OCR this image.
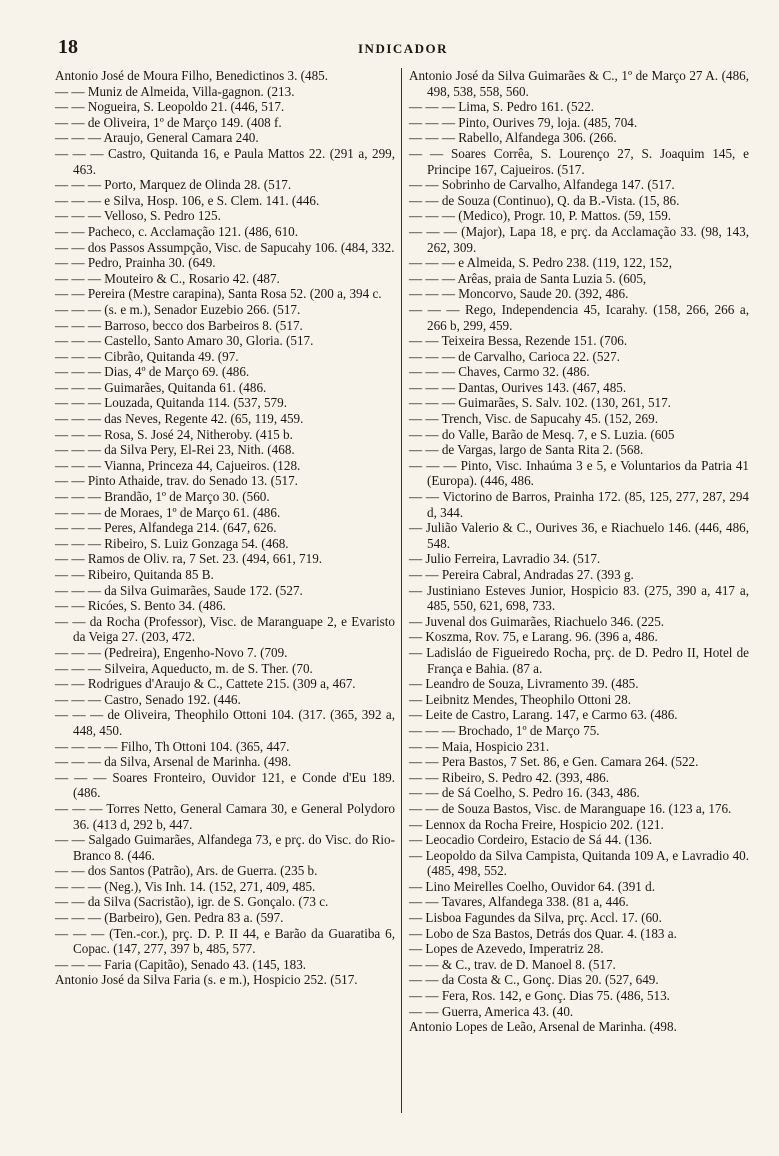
18	INDICADOR

Antonio José de Moura Filho, Benedictinos 3. (485.

— — Muniz de Almeida, Villa-gagnon. (213.

— — Nogueira, S. Leopoldo 21. (446, 517.

— — de Oliveira, 1º de Março 149. (408 f.

— — — Araujo, General Camara 240.

— — — Castro, Quitanda 16, e Paula Mattos 22. (291 a, 299, 463.

— — — Porto, Marquez de Olinda 28. (517.

— — — e Silva, Hosp. 106, e S. Clem. 141. (446.

— — — Velloso, S. Pedro 125.

— — Pacheco, c. Acclamação 121. (486, 610.

— — dos Passos Assumpção, Visc. de Sapucahy 106. (484, 332.

— — Pedro, Prainha 30. (649.

— — — Mouteiro & C., Rosario 42. (487.

— — Pereira (Mestre carapina), Santa Rosa 52. (200 a, 394 c.

— — — (s. e m.), Senador Euzebio 266. (517.

— — — Barroso, becco dos Barbeiros 8. (517.

— — — Castello, Santo Amaro 30, Gloria. (517.

— — — Cibrão, Quitanda 49. (97.

— — — Dias, 4º de Março 69. (486.

— — — Guimarães, Quitanda 61. (486.

— — — Louzada, Quitanda 114. (537, 579.

— — — das Neves, Regente 42. (65, 119, 459.

— — — Rosa, S. José 24, Nitheroby. (415 b.

— — — da Silva Pery, El-Rei 23, Nith. (468.

— — — Vianna, Princeza 44, Cajueiros. (128.

— — Pinto Athaide, trav. do Senado 13. (517.

— — — Brandão, 1º de Março 30. (560.

— — — de Moraes, 1º de Março 61. (486.

— — — Peres, Alfandega 214. (647, 626.

— — — Ribeiro, S. Luiz Gonzaga 54. (468.

— — Ramos de Oliv. ra, 7 Set. 23. (494, 661, 719.

— — Ribeiro, Quitanda 85 B.

— — — da Silva Guimarães, Saude 172. (527.

— — Ricóes, S. Bento 34. (486.

— — da Rocha (Professor), Visc. de Maranguape 2, e Evaristo da Veiga 27. (203, 472.

— — — (Pedreira), Engenho-Novo 7. (709.

— — — Silveira, Aqueducto, m. de S. Ther. (70.

— — Rodrigues d'Araujo & C., Cattete 215. (309 a, 467.

— — — Castro, Senado 192. (446.

— — — de Oliveira, Theophilo Ottoni 104. (317. (365, 392 a, 448, 450.

— — — — Filho, Th Ottoni 104. (365, 447.

— — — da Silva, Arsenal de Marinha. (498.

— — — Soares Fronteiro, Ouvidor 121, e Conde d'Eu 189. (486.

— — — Torres Netto, General Camara 30, e General Polydoro 36. (413 d, 292 b, 447.

— — Salgado Guimarães, Alfandega 73, e prç. do Visc. do Rio-Branco 8. (446.

— — dos Santos (Patrão), Ars. de Guerra. (235 b.

— — — (Neg.), Vis Inh. 14. (152, 271, 409, 485.

— — da Silva (Sacristão), igr. de S. Gonçalo. (73 c.

— — — (Barbeiro), Gen. Pedra 83 a. (597.

— — — (Ten.-cor.), prç. D. P. II 44, e Barão da Guaratiba 6, Copac. (147, 277, 397 b, 485, 577.

— — — Faria (Capitão), Senado 43. (145, 183.

Antonio José da Silva Faria (s. e m.), Hospicio 252. (517.

Antonio José da Silva Guimarães & C., 1º de Março 27 A. (486, 498, 538, 558, 560.

— — — Lima, S. Pedro 161. (522.

— — — Pinto, Ourives 79, loja. (485, 704.

— — — Rabello, Alfandega 306. (266.

— — Soares Corrêa, S. Lourenço 27, S. Joaquim 145, e Principe 167, Cajueiros. (517.

— — Sobrinho de Carvalho, Alfandega 147. (517.

— — de Souza (Continuo), Q. da B.-Vista. (15, 86.

— — — (Medico), Progr. 10, P. Mattos. (59, 159.

— — — (Major), Lapa 18, e prç. da Acclamação 33. (98, 143, 262, 309.

— — — e Almeida, S. Pedro 238. (119, 122, 152,

— — — Arêas, praia de Santa Luzia 5. (605,

— — — Moncorvo, Saude 20. (392, 486.

— — — Rego, Independencia 45, Icarahy. (158, 266, 266 a, 266 b, 299, 459.

— — Teixeira Bessa, Rezende 151. (706.

— — — de Carvalho, Carioca 22. (527.

— — — Chaves, Carmo 32. (486.

— — — Dantas, Ourives 143. (467, 485.

— — — Guimarães, S. Salv. 102. (130, 261, 517.

— — Trench, Visc. de Sapucahy 45. (152, 269.

— — do Valle, Barão de Mesq. 7, e S. Luzia. (605

— — de Vargas, largo de Santa Rita 2. (568.

— — — Pinto, Visc. Inhaúma 3 e 5, e Voluntarios da Patria 41 (Europa). (446, 486.

— — Victorino de Barros, Prainha 172. (85, 125, 277, 287, 294 d, 344.

— Julião Valerio & C., Ourives 36, e Riachuelo 146. (446, 486, 548.

— Julio Ferreira, Lavradio 34. (517.

— — Pereira Cabral, Andradas 27. (393 g.

— Justiniano Esteves Junior, Hospicio 83. (275, 390 a, 417 a, 485, 550, 621, 698, 733.

— Juvenal dos Guimarães, Riachuelo 346. (225.

— Koszma, Rov. 75, e Larang. 96. (396 a, 486.

— Ladisláo de Figueiredo Rocha, prç. de D. Pedro II, Hotel de França e Bahia. (87 a.

— Leandro de Souza, Livramento 39. (485.

— Leibnitz Mendes, Theophilo Ottoni 28.

— Leite de Castro, Larang. 147, e Carmo 63. (486.

— — — Brochado, 1º de Março 75.

— — Maia, Hospicio 231.

— — Pera Bastos, 7 Set. 86, e Gen. Camara 264. (522.

— — Ribeiro, S. Pedro 42. (393, 486.

— — de Sá Coelho, S. Pedro 16. (343, 486.

— — de Souza Bastos, Visc. de Maranguape 16. (123 a, 176.

— Lennox da Rocha Freire, Hospicio 202. (121.

— Leocadio Cordeiro, Estacio de Sá 44. (136.

— Leopoldo da Silva Campista, Quitanda 109 A, e Lavradio 40. (485, 498, 552.

— Lino Meirelles Coelho, Ouvidor 64. (391 d.

— — Tavares, Alfandega 338. (81 a, 446.

— Lisboa Fagundes da Silva, prç. Accl. 17. (60.

— Lobo de Sza Bastos, Detrás dos Quar. 4. (183 a.

— Lopes de Azevedo, Imperatriz 28.

— — & C., trav. de D. Manoel 8. (517.

— — da Costa & C., Gonç. Dias 20. (527, 649.

— — Fera, Ros. 142, e Gonç. Dias 75. (486, 513.

— — Guerra, America 43. (40.

Antonio Lopes de Leão, Arsenal de Marinha. (498.
